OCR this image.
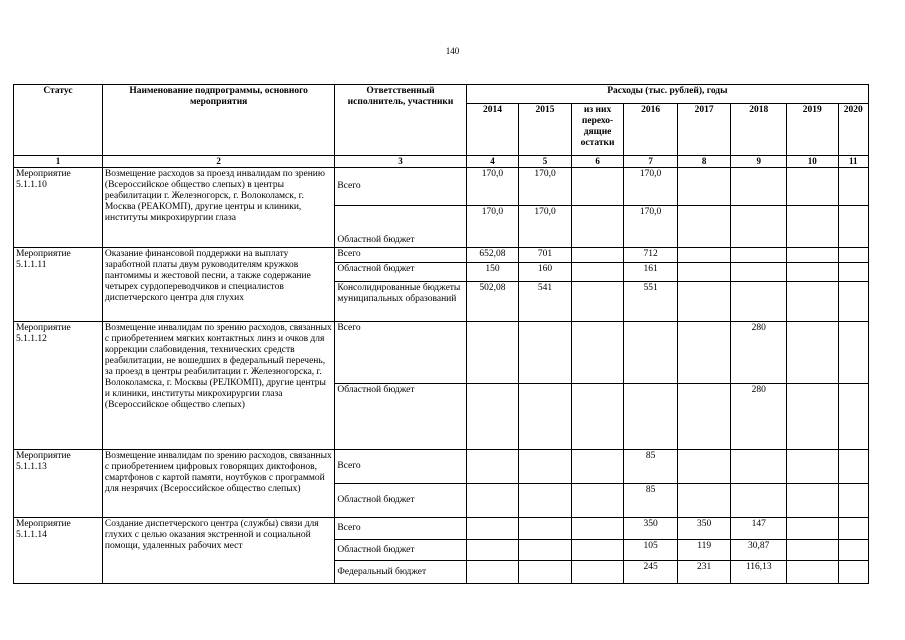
140
Статус	Наименование подпрограммы, основного мероприятия	Ответственный исполнитель, участники	Расходы (тыс. рублей), годы							
			2014	2015	из них перехо-дящие остатки	2016	2017	2018	2019	2020
1	2	3	4	5	6	7	8	9	10	11
Мероприятие 5.1.1.10	Возмещение расходов за проезд инвалидам по зрению (Всероссийское общество слепых) в центры реабилитации г. Железногорск, г. Волоколамск, г. Москва (РЕАКОМП), другие центры и клиники, институты микрохирургии глаза	Всего	170,0	170,0		170,0				
		Областной бюджет	170,0	170,0		170,0				
Мероприятие 5.1.1.11	Оказание финансовой поддержки на выплату заработной платы двум руководителям кружков пантомимы и жестовой песни, а также содержание четырех сурдопереводчиков и специалистов диспетчерского центра для глухих	Всего	652,08	701		712				
		Областной бюджет	150	160		161				
		Консолидированные бюджеты муниципальных образований	502,08	541		551				
Мероприятие 5.1.1.12	Возмещение инвалидам по зрению расходов, связанных с приобретением мягких контактных линз и очков для коррекции слабовидения, технических средств реабилитации, не вошедших в федеральный перечень, за проезд в центры реабилитации г. Железногорска, г. Волоколамска, г. Москвы (РЕЛКОМП), другие центры и клиники, институты микрохирургии глаза (Всероссийское общество слепых)	Всего						280		
		Областной бюджет						280		
Мероприятие 5.1.1.13	Возмещение инвалидам по зрению расходов, связанных с приобретением цифровых говорящих диктофонов, смартфонов с картой памяти, ноутбуков с программой для незрячих (Всероссийское общество слепых)	Всего				85				
		Областной бюджет				85				
Мероприятие 5.1.1.14	Создание диспетчерского центра (службы) связи для глухих с целью оказания экстренной и социальной помощи, удаленных рабочих мест	Всего				350	350	147		
		Областной бюджет				105	119	30,87		
		Федеральный бюджет				245	231	116,13		
